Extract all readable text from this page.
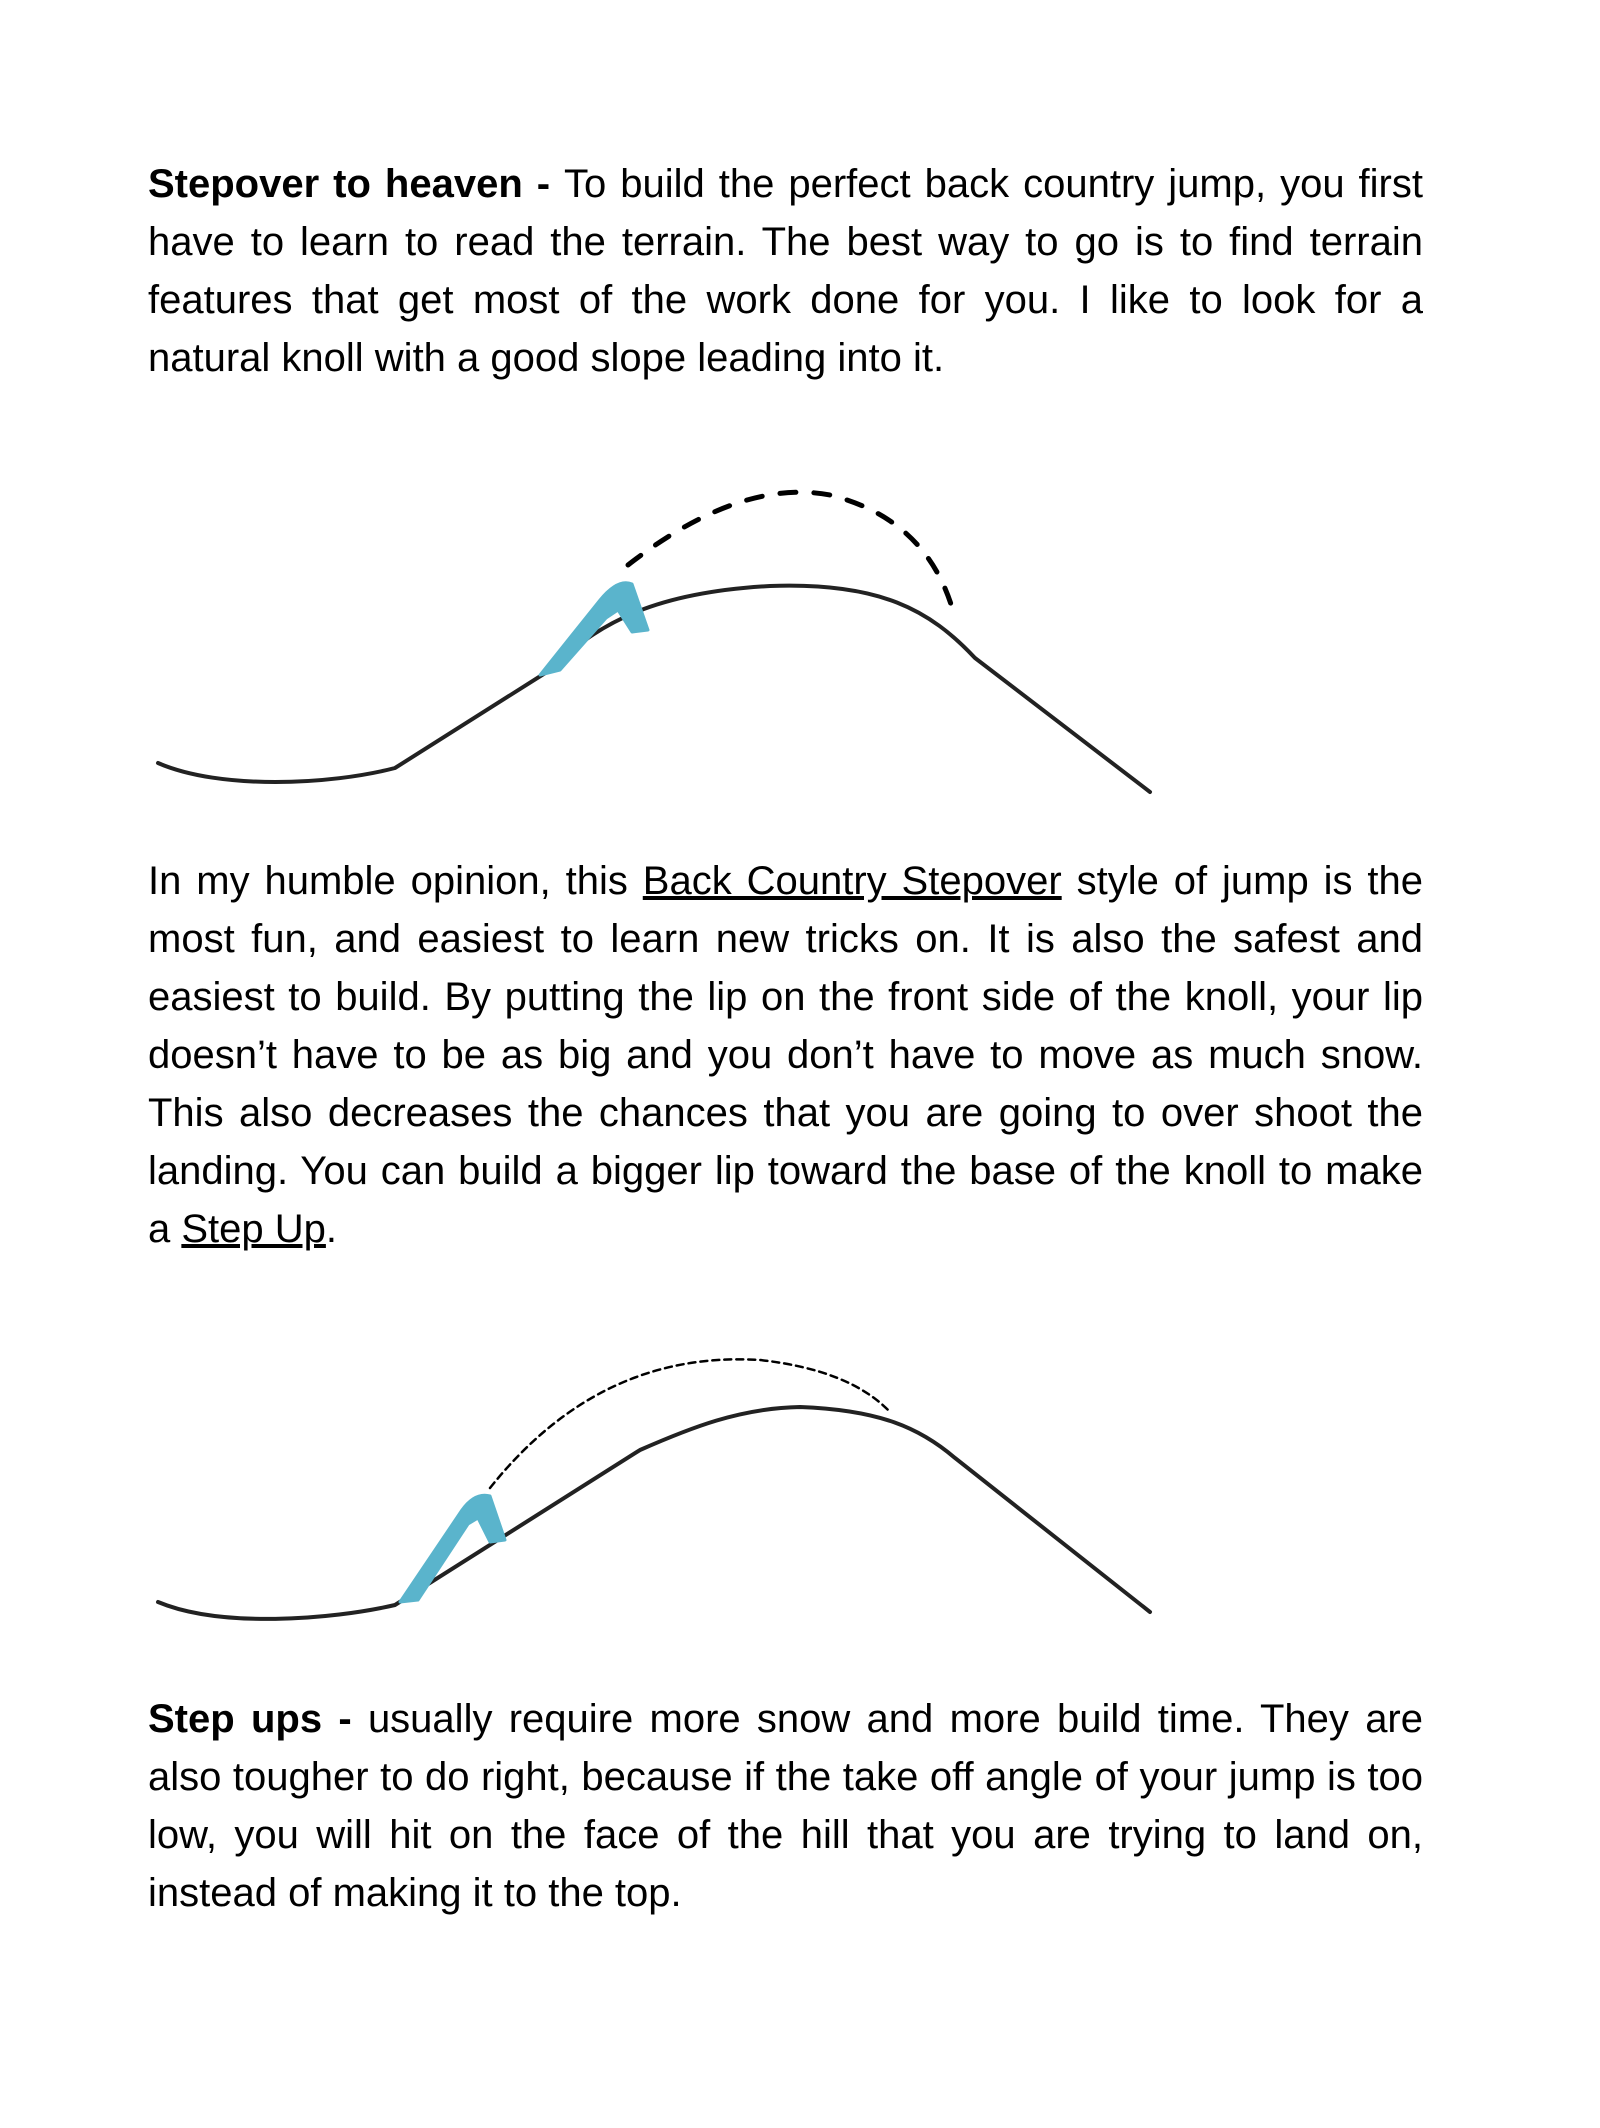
Stepover to heaven - To build the perfect back country jump, you first have to learn to read the terrain. The best way to go is to find terrain features that get most of the work done for you. I like to look for a natural knoll with a good slope leading into it.

In my humble opinion, this Back Country Stepover style of jump is the most fun, and easiest to learn new tricks on. It is also the safest and easiest to build. By putting the lip on the front side of the knoll, your lip doesn’t have to be as big and you don’t have to move as much snow. This also decreases the chances that you are going to over shoot the landing. You can build a bigger lip toward the base of the knoll to make a Step Up.

Step ups - usually require more snow and more build time. They are also tougher to do right, because if the take off angle of your jump is too low, you will hit on the face of the hill that you are trying to land on, instead of making it to the top.
